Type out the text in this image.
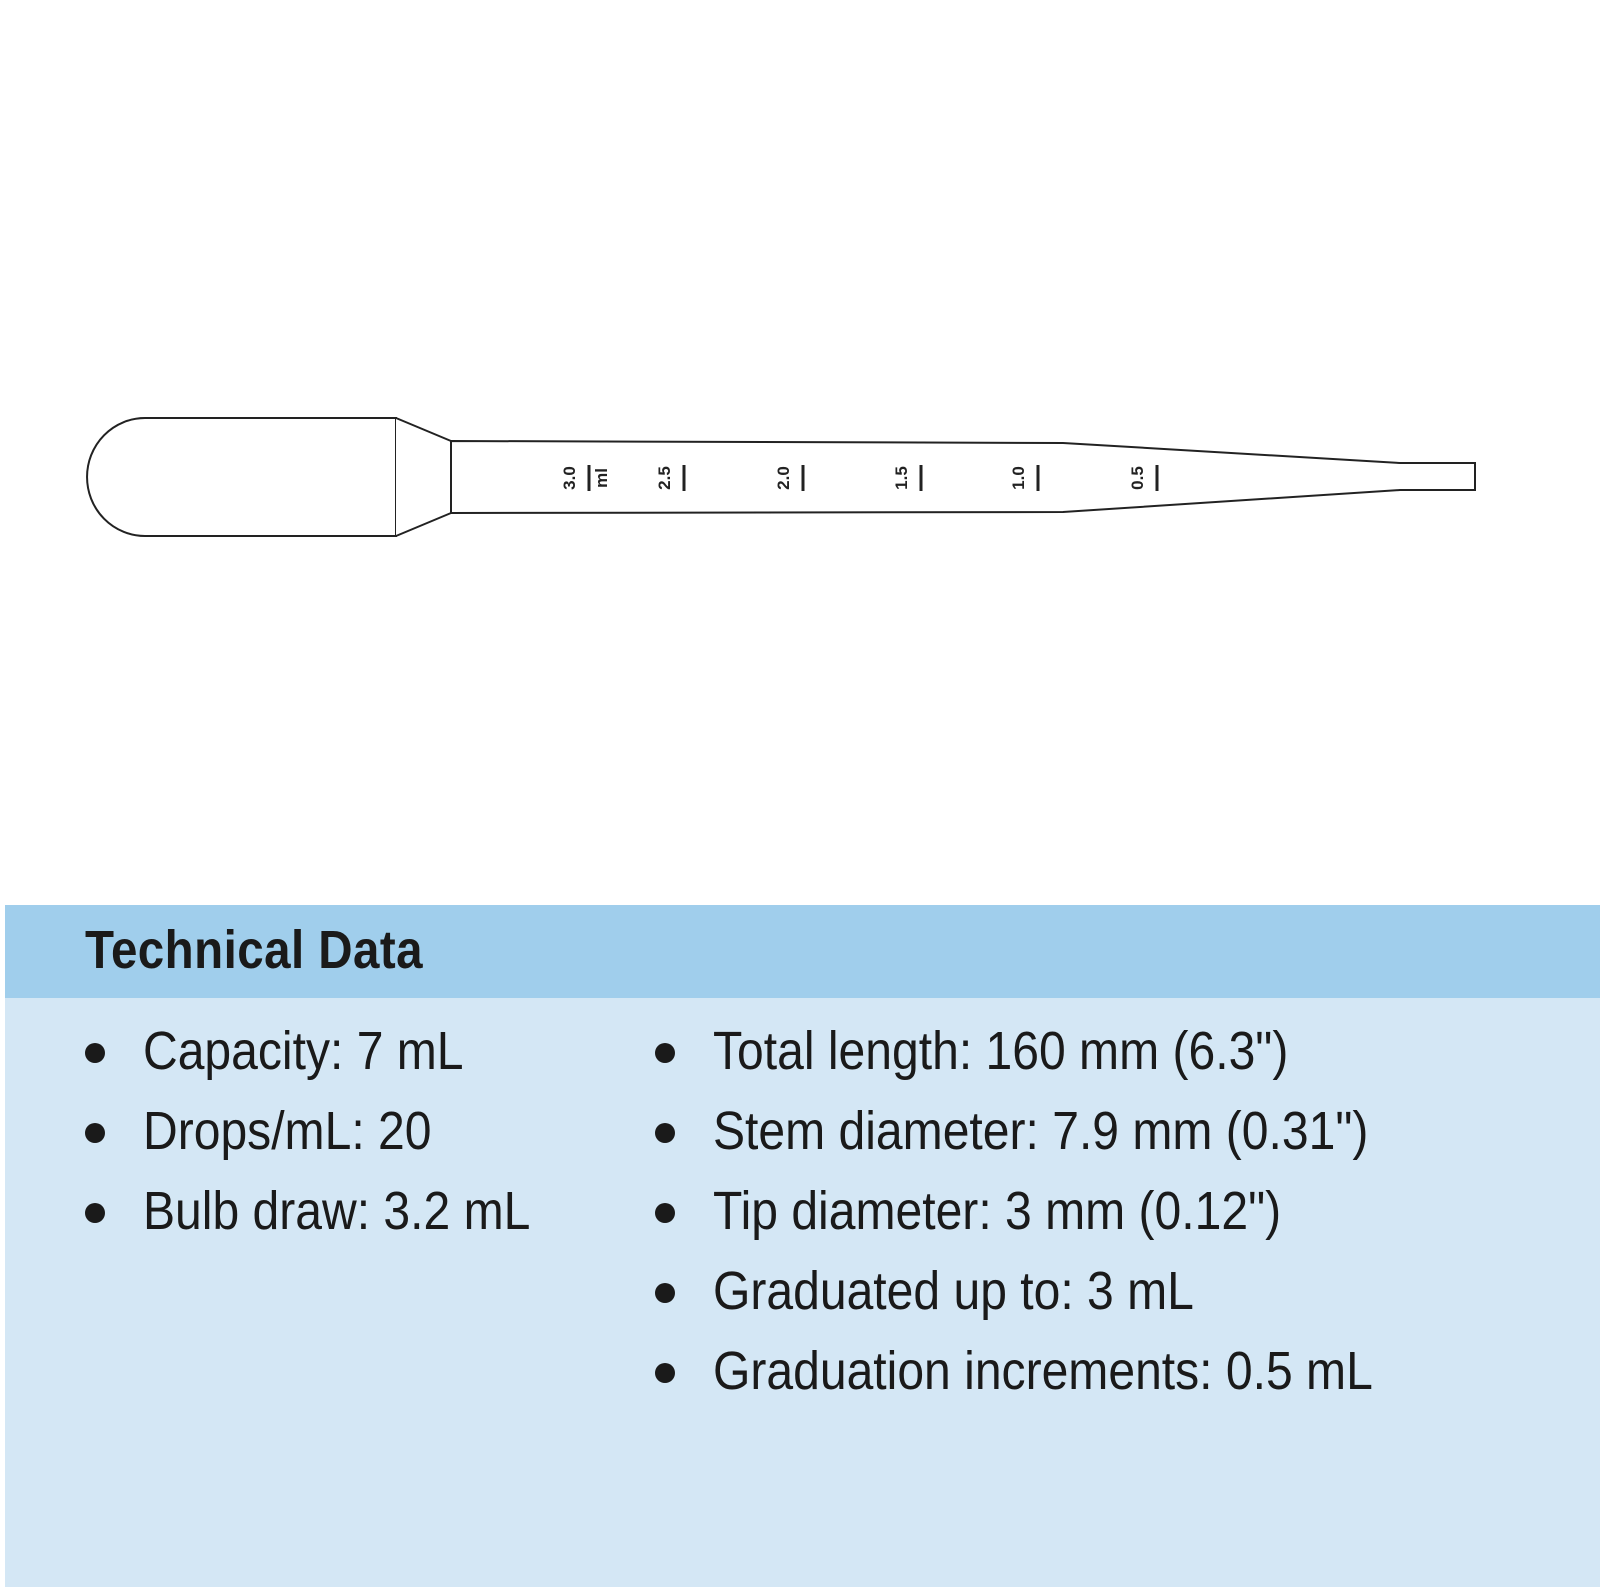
3.0 ml	2.5	2.0	1.5	1.0	0.5
Technical Data
Capacity: 7 mL
Drops/mL: 20
Bulb draw: 3.2 mL
Total length: 160 mm (6.3")
Stem diameter: 7.9 mm (0.31")
Tip diameter: 3 mm (0.12")
Graduated up to: 3 mL
Graduation increments: 0.5 mL
